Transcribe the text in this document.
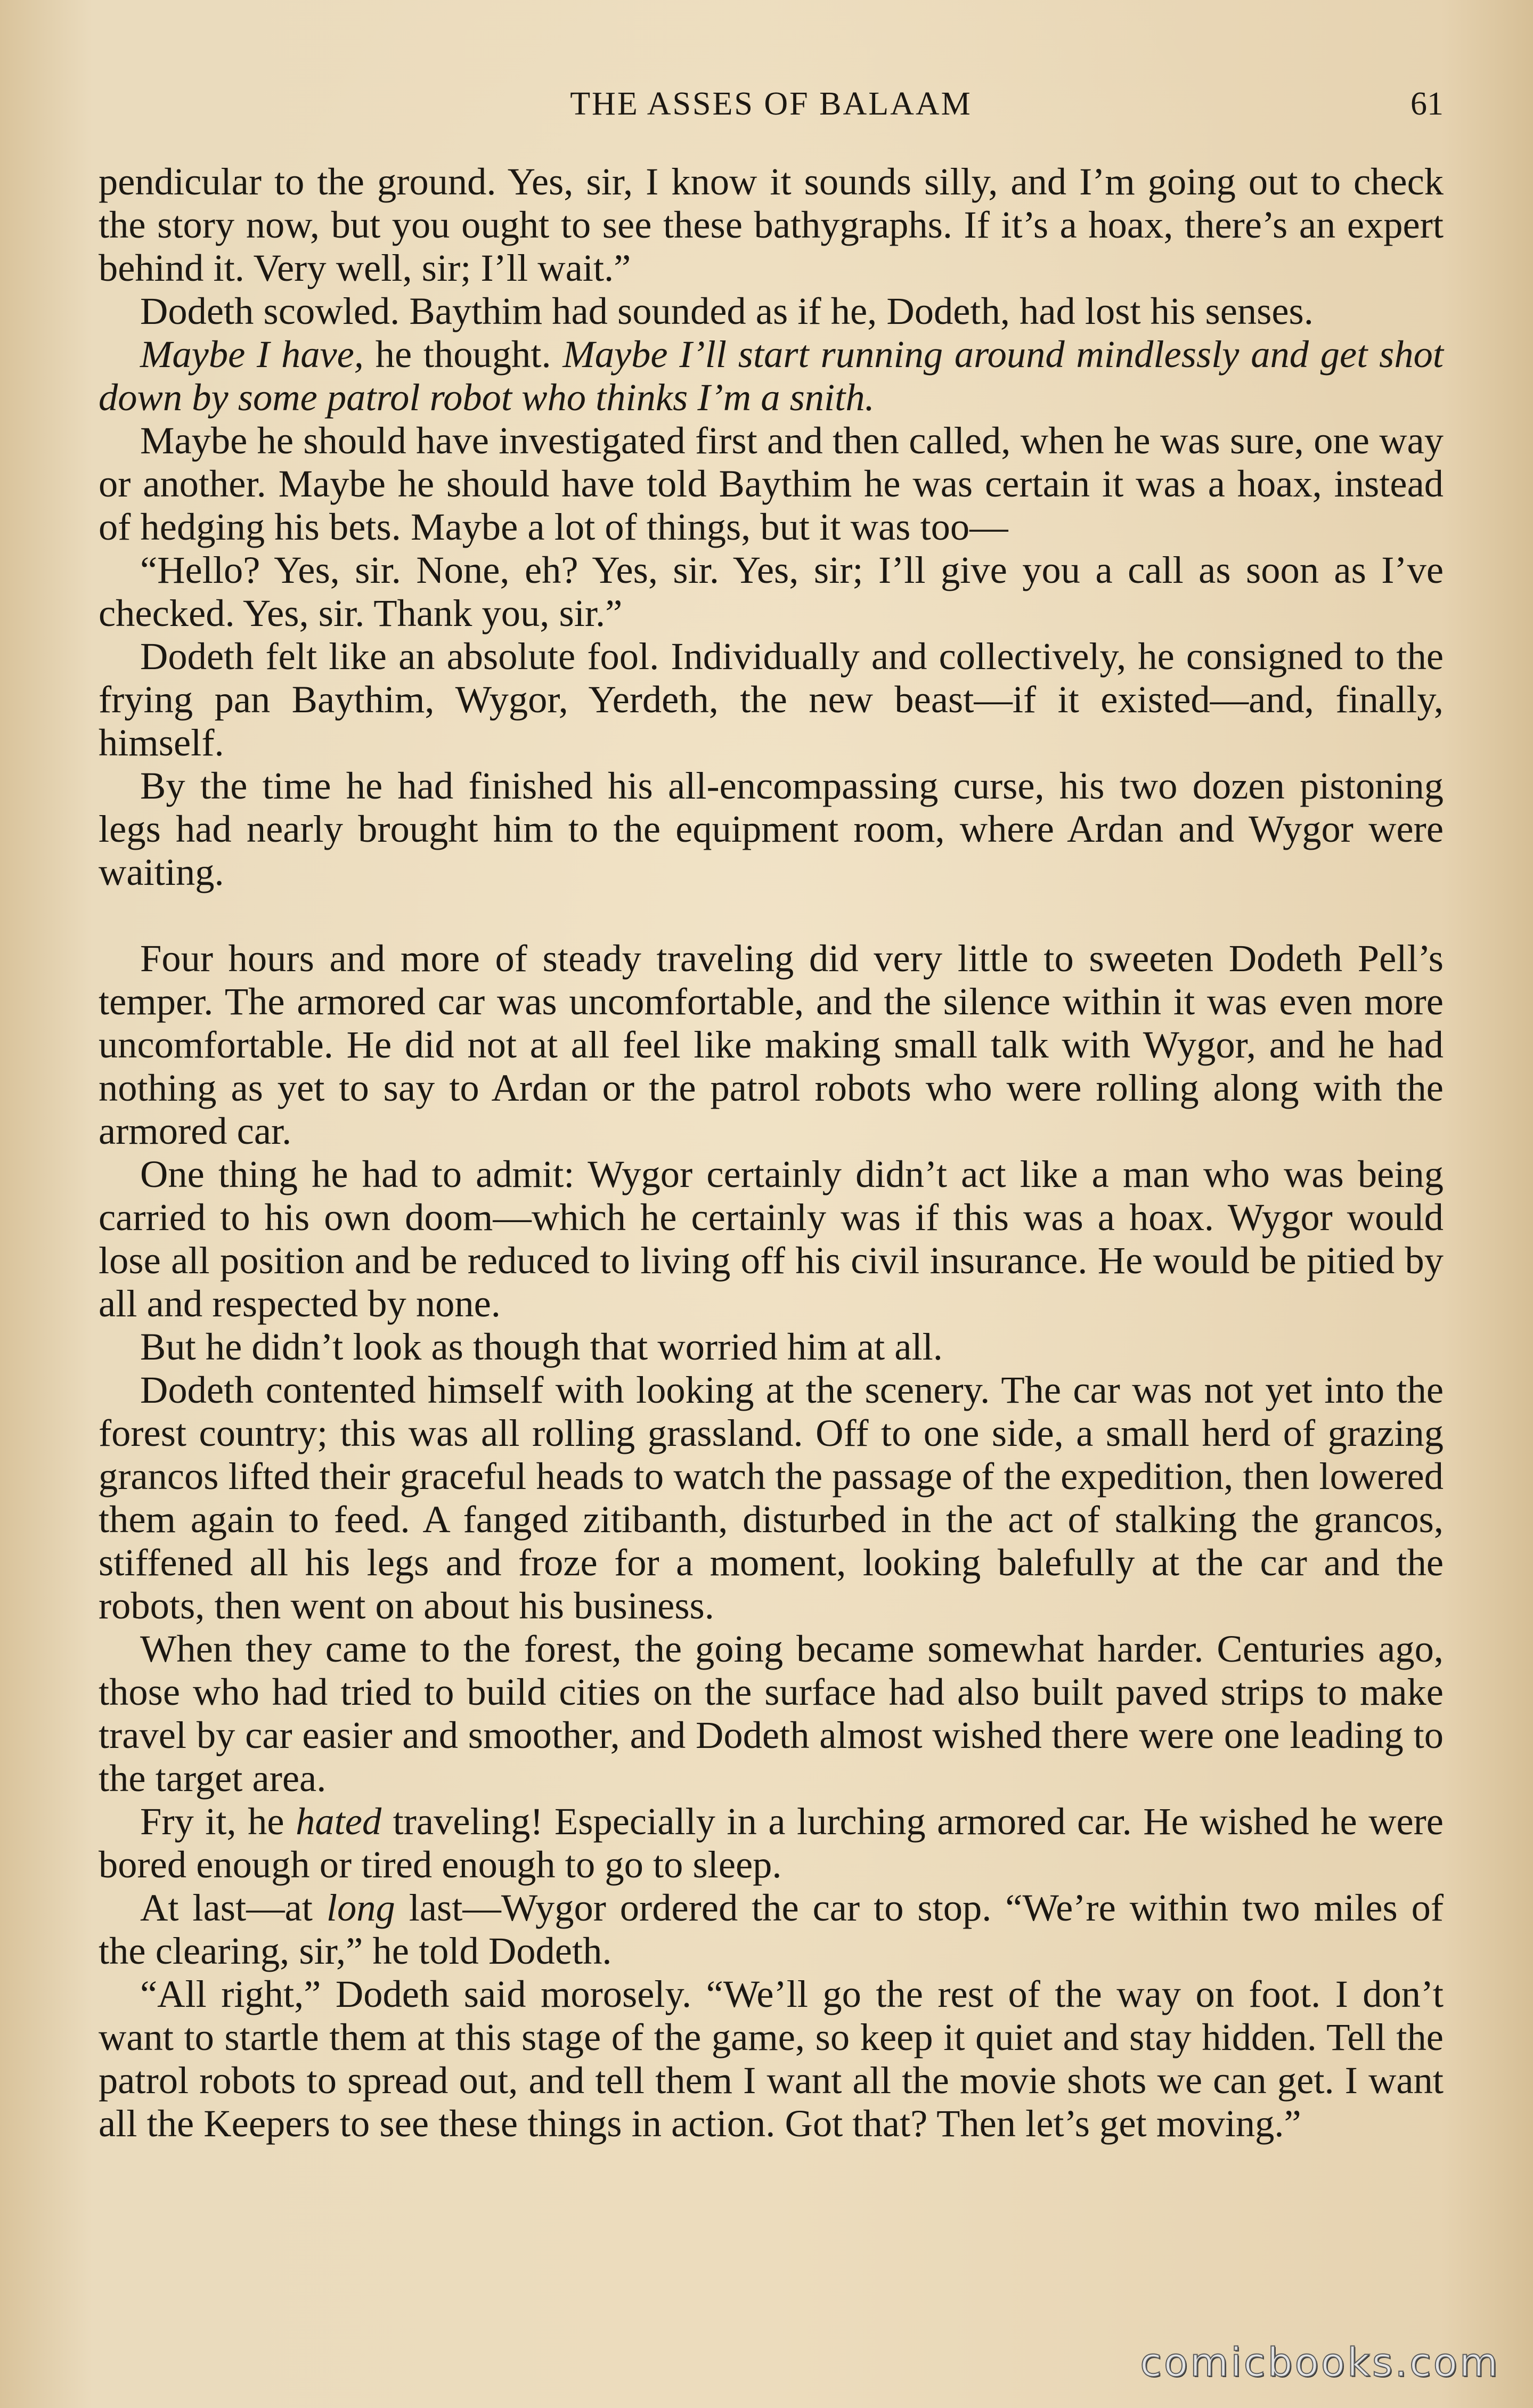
THE ASSES OF BALAAM	61

pendicular to the ground. Yes, sir, I know it sounds silly, and I’m going out to check the story now, but you ought to see these bathygraphs. If it’s a hoax, there’s an expert behind it. Very well, sir; I’ll wait.”

Dodeth scowled. Baythim had sounded as if he, Dodeth, had lost his senses.

Maybe I have, he thought. Maybe I’ll start running around mindlessly and get shot down by some patrol robot who thinks I’m a snith.

Maybe he should have investigated first and then called, when he was sure, one way or another. Maybe he should have told Baythim he was certain it was a hoax, instead of hedging his bets. Maybe a lot of things, but it was too—

“Hello? Yes, sir. None, eh? Yes, sir. Yes, sir; I’ll give you a call as soon as I’ve checked. Yes, sir. Thank you, sir.”

Dodeth felt like an absolute fool. Individually and collectively, he consigned to the frying pan Baythim, Wygor, Yerdeth, the new beast—if it existed—and, finally, himself.

By the time he had finished his all-encompassing curse, his two dozen pistoning legs had nearly brought him to the equipment room, where Ardan and Wygor were waiting.

Four hours and more of steady traveling did very little to sweeten Dodeth Pell’s temper. The armored car was uncomfortable, and the silence within it was even more uncomfortable. He did not at all feel like making small talk with Wygor, and he had nothing as yet to say to Ardan or the patrol robots who were rolling along with the armored car.

One thing he had to admit: Wygor certainly didn’t act like a man who was being carried to his own doom—which he certainly was if this was a hoax. Wygor would lose all position and be reduced to living off his civil insurance. He would be pitied by all and respected by none.

But he didn’t look as though that worried him at all.

Dodeth contented himself with looking at the scenery. The car was not yet into the forest country; this was all rolling grassland. Off to one side, a small herd of grazing grancos lifted their graceful heads to watch the passage of the expedition, then lowered them again to feed. A fanged zitibanth, disturbed in the act of stalking the grancos, stiffened all his legs and froze for a moment, looking balefully at the car and the robots, then went on about his business.

When they came to the forest, the going became somewhat harder. Centuries ago, those who had tried to build cities on the surface had also built paved strips to make travel by car easier and smoother, and Dodeth almost wished there were one leading to the target area.

Fry it, he hated traveling! Especially in a lurching armored car. He wished he were bored enough or tired enough to go to sleep.

At last—at long last—Wygor ordered the car to stop. “We’re within two miles of the clearing, sir,” he told Dodeth.

“All right,” Dodeth said morosely. “We’ll go the rest of the way on foot. I don’t want to startle them at this stage of the game, so keep it quiet and stay hidden. Tell the patrol robots to spread out, and tell them I want all the movie shots we can get. I want all the Keepers to see these things in action. Got that? Then let’s get moving.”

comicbooks.com
